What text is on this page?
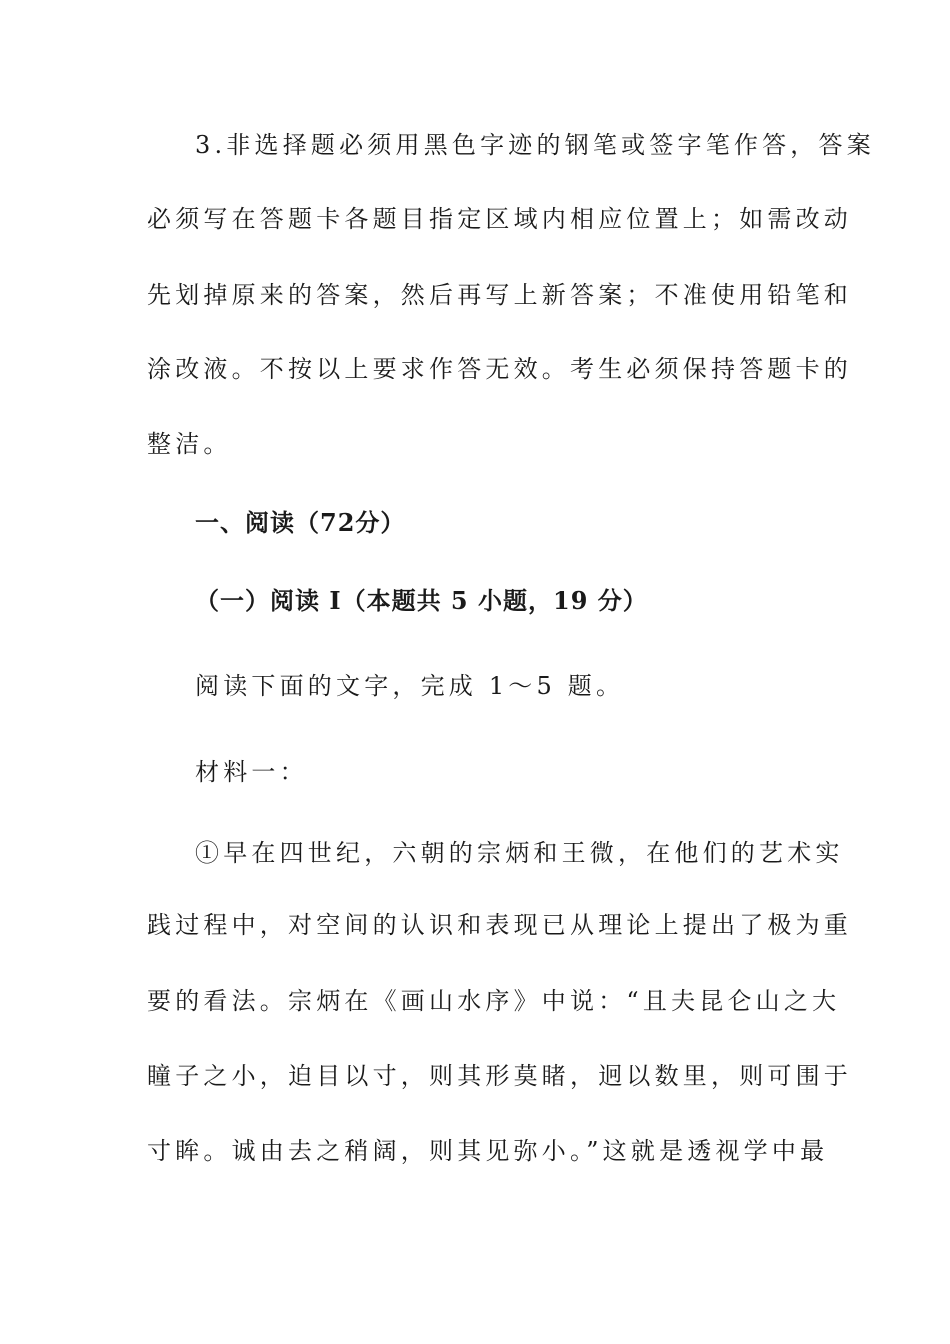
3.非选择题必须用黑色字迹的钢笔或签字笔作答，答案
必须写在答题卡各题目指定区域内相应位置上；如需改动
先划掉原来的答案，然后再写上新答案；不准使用铅笔和
涂改液。不按以上要求作答无效。考生必须保持答题卡的
整洁。
一、阅读（72分）
（一）阅读 I（本题共 5 小题，19 分）
阅读下面的文字，完成 1～5 题。
材料一：
①早在四世纪，六朝的宗炳和王微，在他们的艺术实
践过程中，对空间的认识和表现已从理论上提出了极为重
要的看法。宗炳在《画山水序》中说：“且夫昆仑山之大
瞳子之小，迫目以寸，则其形莫睹，迥以数里，则可围于
寸眸。诚由去之稍阔，则其见弥小。”这就是透视学中最
